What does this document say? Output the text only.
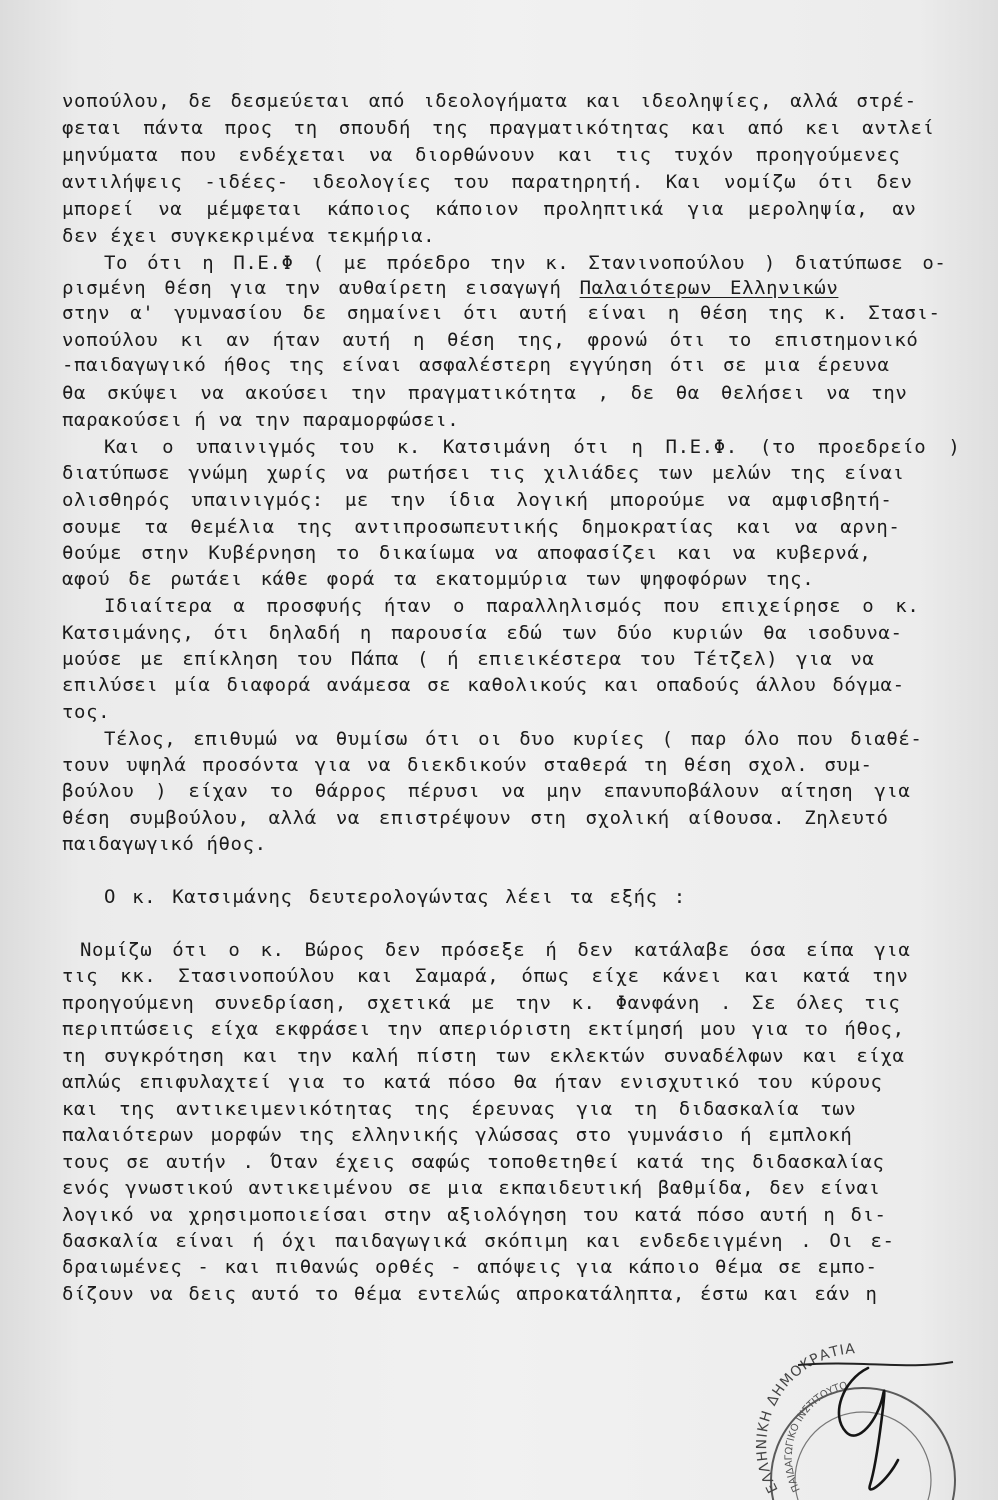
νοπούλου, δε δεσμεύεται από ιδεολογήματα και ιδεοληψίες, αλλά στρέ-
φεται πάντα προς τη σπουδή της πραγματικότητας και από κει αντλεί
μηνύματα που ενδέχεται να διορθώνουν και τις τυχόν προηγούμενες
αντιλήψεις -ιδέες- ιδεολογίες του παρατηρητή. Και νομίζω ότι δεν
μπορεί να μέμφεται κάποιος κάποιον προληπτικά για μεροληψία, αν
δεν έχει συγκεκριμένα τεκμήρια.
Το ότι η Π.Ε.Φ ( με πρόεδρο την κ. Στανινοπούλου ) διατύπωσε ο-
ρισμένη θέση για την αυθαίρετη εισαγωγή Παλαιότερων Ελληνικών
στην α' γυμνασίου δε σημαίνει ότι αυτή είναι η θέση της κ. Στασι-
νοπούλου κι αν ήταν αυτή η θέση της, φρονώ ότι το επιστημονικό
-παιδαγωγικό ήθος της είναι ασφαλέστερη εγγύηση ότι σε μια έρευνα
θα σκύψει να ακούσει την πραγματικότητα , δε θα θελήσει να την
παρακούσει ή να την παραμορφώσει.
Και ο υπαινιγμός του κ. Κατσιμάνη ότι η Π.Ε.Φ. (το προεδρείο )
διατύπωσε γνώμη χωρίς να ρωτήσει τις χιλιάδες των μελών της είναι
ολισθηρός υπαινιγμός: με την ίδια λογική μπορούμε να αμφισβητή-
σουμε τα θεμέλια της αντιπροσωπευτικής δημοκρατίας και να αρνη-
θούμε στην Κυβέρνηση το δικαίωμα να αποφασίζει και να κυβερνά,
αφού δε ρωτάει κάθε φορά τα εκατομμύρια των ψηφοφόρων της.
Ιδιαίτερα α προσφυής ήταν ο παραλληλισμός που επιχείρησε ο κ.
Κατσιμάνης, ότι δηλαδή η παρουσία εδώ των δύο κυριών θα ισοδυνα-
μούσε με επίκληση του Πάπα ( ή επιεικέστερα του Τέτζελ) για να
επιλύσει μία διαφορά ανάμεσα σε καθολικούς και οπαδούς άλλου δόγμα-
τος.
Τέλος, επιθυμώ να θυμίσω ότι οι δυο κυρίες ( παρ όλο που διαθέ-
τουν υψηλά προσόντα για να διεκδικούν σταθερά τη θέση σχολ. συμ-
βούλου ) είχαν το θάρρος πέρυσι να μην επανυποβάλουν αίτηση για
θέση συμβούλου, αλλά να επιστρέψουν στη σχολική αίθουσα. Ζηλευτό
παιδαγωγικό ήθος.
Ο κ. Κατσιμάνης δευτερολογώντας λέει τα εξής :
Νομίζω ότι ο κ. Βώρος δεν πρόσεξε ή δεν κατάλαβε όσα είπα για
τις κκ. Στασινοπούλου και Σαμαρά, όπως είχε κάνει και κατά την
προηγούμενη συνεδρίαση, σχετικά με την κ. Φανφάνη . Σε όλες τις
περιπτώσεις είχα εκφράσει την απεριόριστη εκτίμησή μου για το ήθος,
τη συγκρότηση και την καλή πίστη των εκλεκτών συναδέλφων και είχα
απλώς επιφυλαχτεί για το κατά πόσο θα ήταν ενισχυτικό του κύρους
και της αντικειμενικότητας της έρευνας για τη διδασκαλία των
παλαιότερων μορφών της ελληνικής γλώσσας στο γυμνάσιο ή εμπλοκή
τους σε αυτήν . Όταν έχεις σαφώς τοποθετηθεί κατά της διδασκαλίας
ενός γνωστικού αντικειμένου σε μια εκπαιδευτική βαθμίδα, δεν είναι
λογικό να χρησιμοποιείσαι στην αξιολόγηση του κατά πόσο αυτή η δι-
δασκαλία είναι ή όχι παιδαγωγικά σκόπιμη και ενδεδειγμένη . Οι ε-
δραιωμένες - και πιθανώς ορθές - απόψεις για κάποιο θέμα σε εμπο-
δίζουν να δεις αυτό το θέμα εντελώς απροκατάληπτα, έστω και εάν η
ΕΛΛΗΝΙΚΗ ΔΗΜΟΚΡΑΤΙΑ
ΠΑΙΔΑΓΩΓΙΚΟ ΙΝΣΤΙΤΟΥΤΟ
